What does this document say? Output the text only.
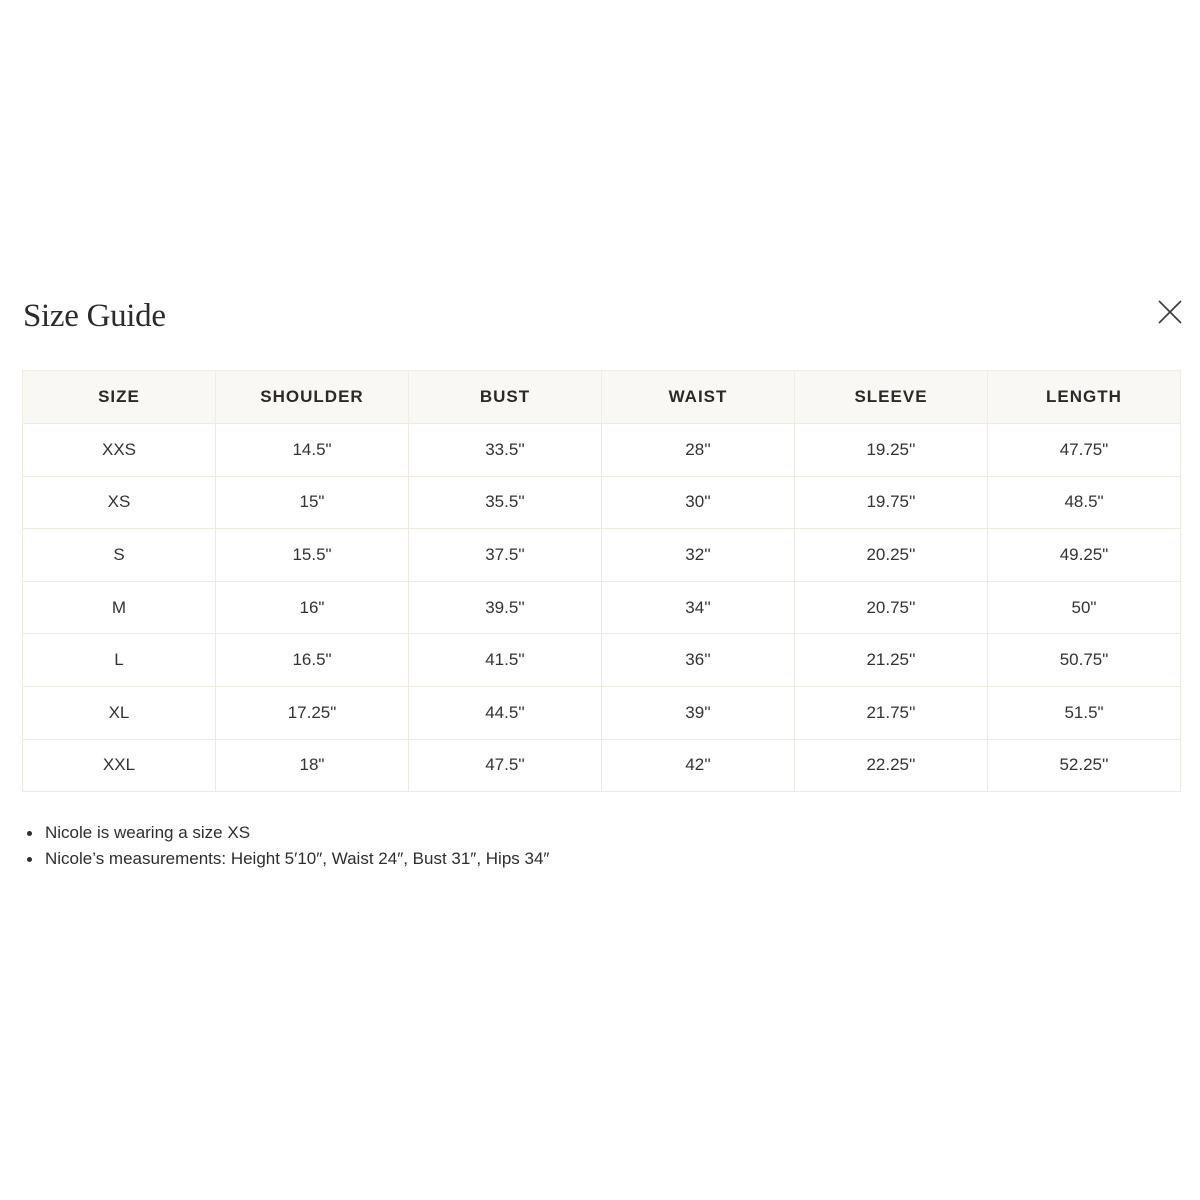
Size Guide
SIZE	SHOULDER	BUST	WAIST	SLEEVE	LENGTH
XXS	14.5"	33.5''	28''	19.25''	47.75"
XS	15"	35.5''	30''	19.75''	48.5"
S	15.5"	37.5''	32''	20.25''	49.25"
M	16"	39.5''	34''	20.75''	50"
L	16.5"	41.5''	36''	21.25''	50.75"
XL	17.25"	44.5''	39''	21.75''	51.5"
XXL	18"	47.5''	42''	22.25''	52.25''
Nicole is wearing a size XS
Nicole’s measurements: Height 5′10″, Waist 24″, Bust 31″, Hips 34″
